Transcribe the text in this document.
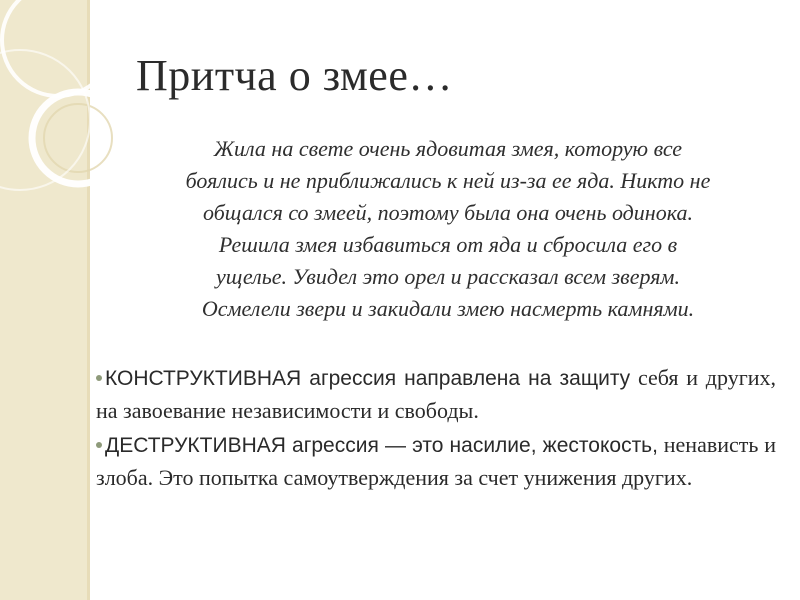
Притча о змее…

Жила на свете очень ядовитая змея, которую все
боялись и не приближались к ней из-за ее яда. Никто не
общался со змеей, поэтому была она очень одинока.
Решила змея избавиться от яда и сбросила его в
ущелье. Увидел это орел и рассказал всем зверям.
Осмелели звери и закидали змею насмерть камнями.

КОНСТРУКТИВНАЯ агрессия направлена на защиту себя и других, на завоевание независимости и свободы.
ДЕСТРУКТИВНАЯ агрессия — это насилие, жестокость, ненависть и злоба. Это попытка самоутверждения за счет унижения других.
